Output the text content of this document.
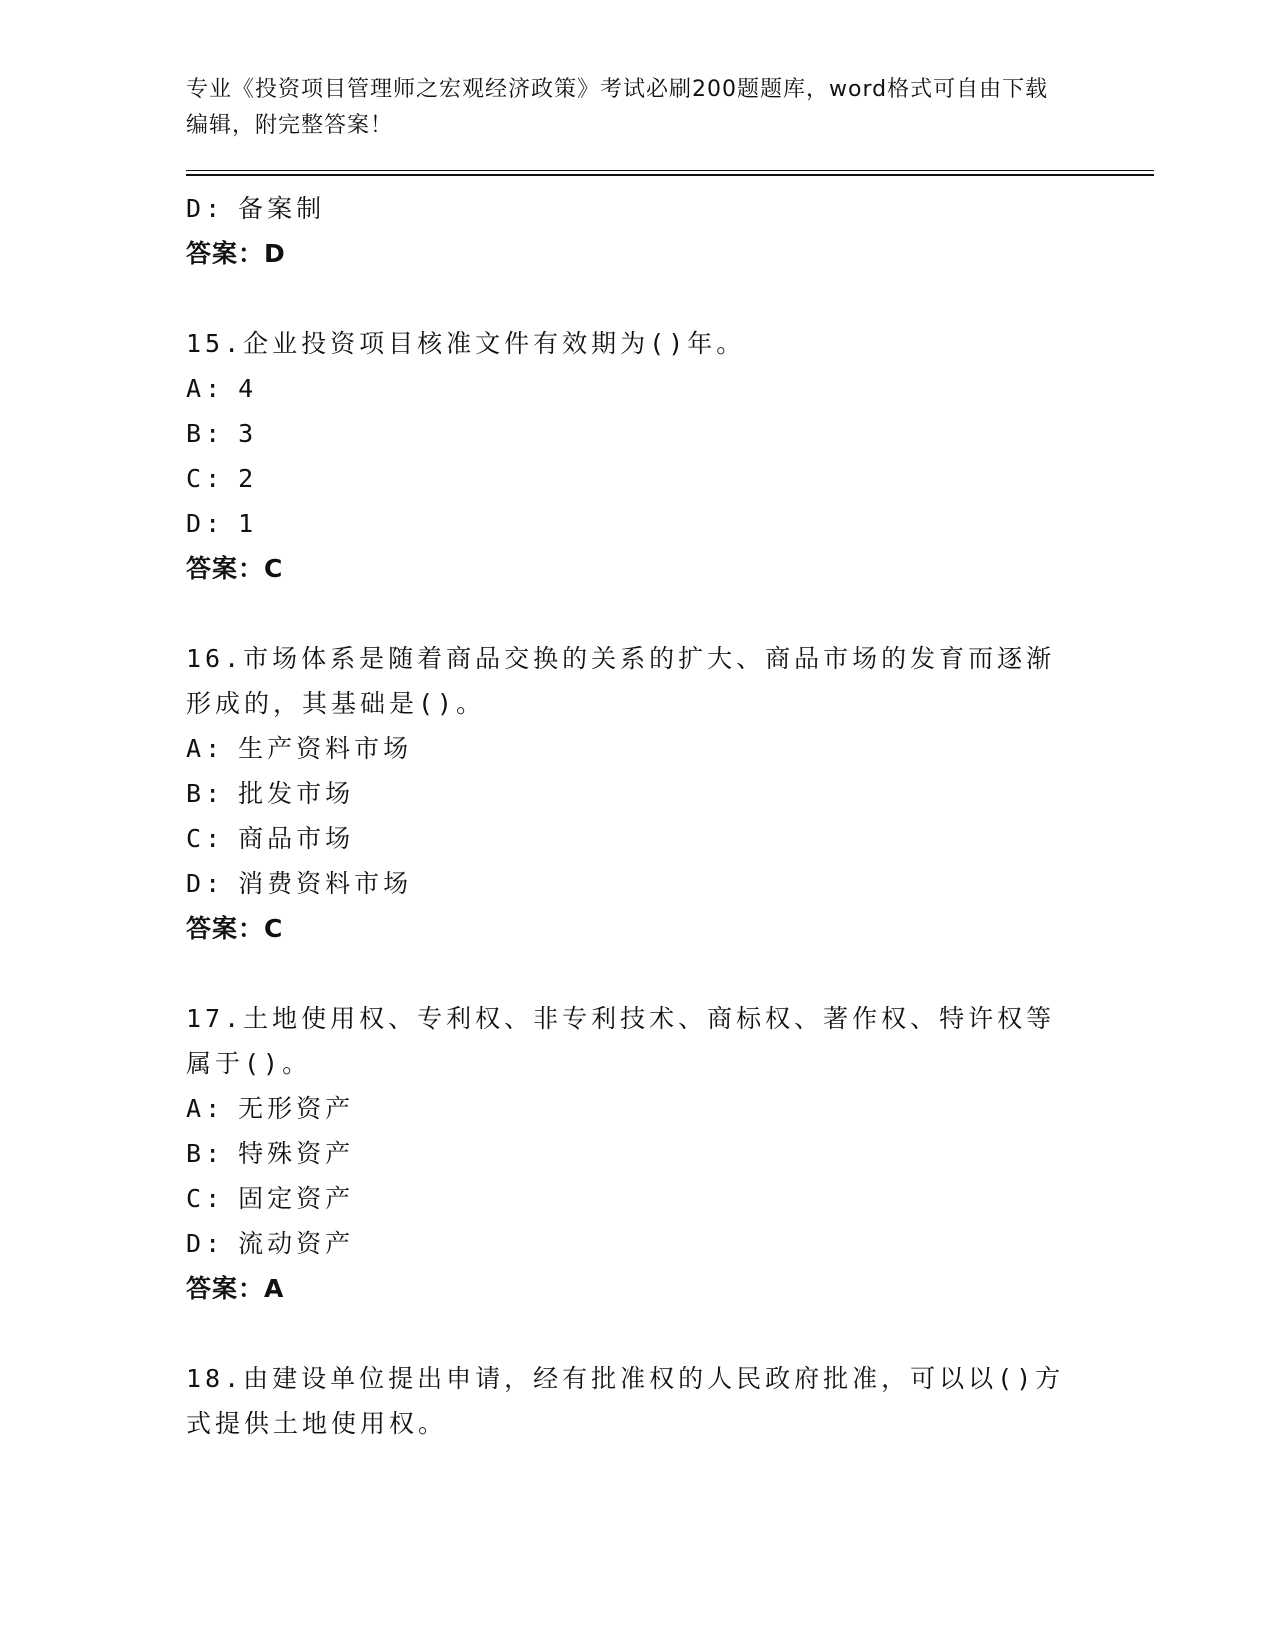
专业《投资项目管理师之宏观经济政策》考试必刷200题题库，word格式可自由下载编辑，附完整答案！
D: 备案制
答案：D
15.企业投资项目核准文件有效期为()年。
A: 4
B: 3
C: 2
D: 1
答案：C
16.市场体系是随着商品交换的关系的扩大、商品市场的发育而逐渐形成的，其基础是()。
A: 生产资料市场
B: 批发市场
C: 商品市场
D: 消费资料市场
答案：C
17.土地使用权、专利权、非专利技术、商标权、著作权、特许权等属于()。
A: 无形资产
B: 特殊资产
C: 固定资产
D: 流动资产
答案：A
18.由建设单位提出申请，经有批准权的人民政府批准，可以以()方式提供土地使用权。
